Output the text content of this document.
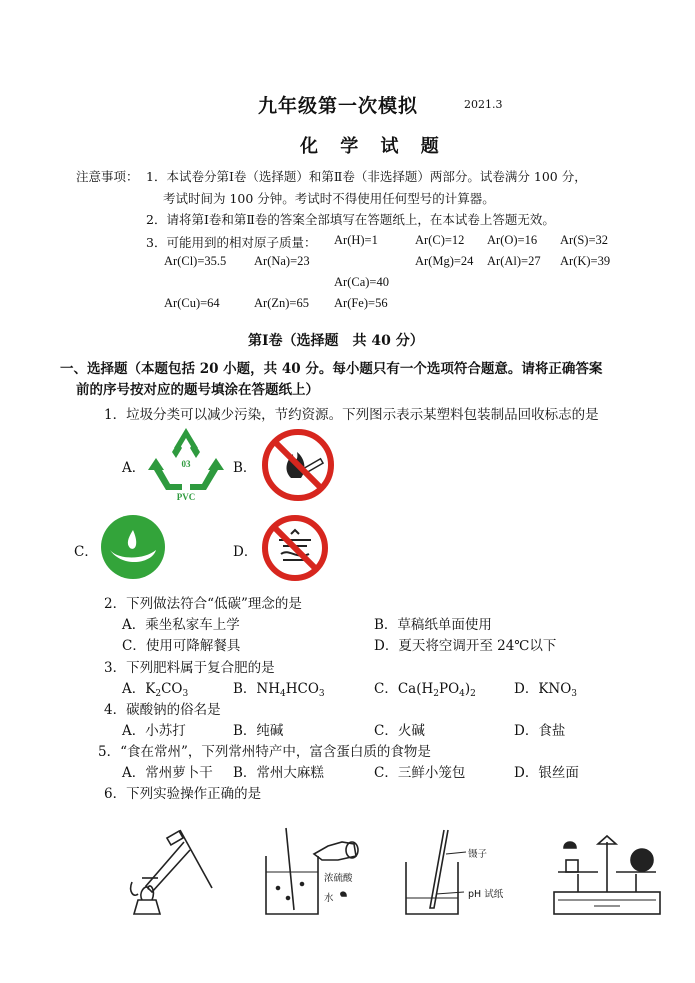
九年级第一次模拟	2021.3
化 学 试 题
注意事项： 1．本试卷分第Ⅰ卷（选择题）和第Ⅱ卷（非选择题）两部分。试卷满分 100 分，
考试时间为 100 分钟。考试时不得使用任何型号的计算器。
2．请将第Ⅰ卷和第Ⅱ卷的答案全部填写在答题纸上，在本试卷上答题无效。
3．可能用到的相对原子质量： Ar(H)=1	Ar(C)=12 Ar(O)=16 Ar(S)=32
Ar(Cl)=35.5 Ar(Na)=23	Ar(Mg)=24 Ar(Al)=27 Ar(K)=39
Ar(Ca)=40
Ar(Cu)=64	Ar(Zn)=65 Ar(Fe)=56
第Ⅰ卷（选择题　共 40 分）
一、选择题（本题包括 20 小题，共 40 分。每小题只有一个选项符合题意。请将正确答案
前的序号按对应的题号填涂在答题纸上）
1．垃圾分类可以减少污染，节约资源。下列图示表示某塑料包装制品回收标志的是
A．	B．
C．	D．
03
PVC
2．下列做法符合“低碳”理念的是
A．乘坐私家车上学	B．草稿纸单面使用
C．使用可降解餐具	D．夏天将空调开至 24℃以下
3．下列肥料属于复合肥的是
A．$K_2CO_3$	B．$NH_4HCO_3$	C．$Ca(H_2PO_4)_2$	D．$KNO_3$
4．碳酸钠的俗名是
A．小苏打	B．纯碱	C．火碱	D．食盐
5．“食在常州”，下列常州特产中，富含蛋白质的食物是
A．常州萝卜干 B．常州大麻糕	C．三鲜小笼包	D．银丝面
6．下列实验操作正确的是
浓硫酸
水
镊子
pH 试纸
